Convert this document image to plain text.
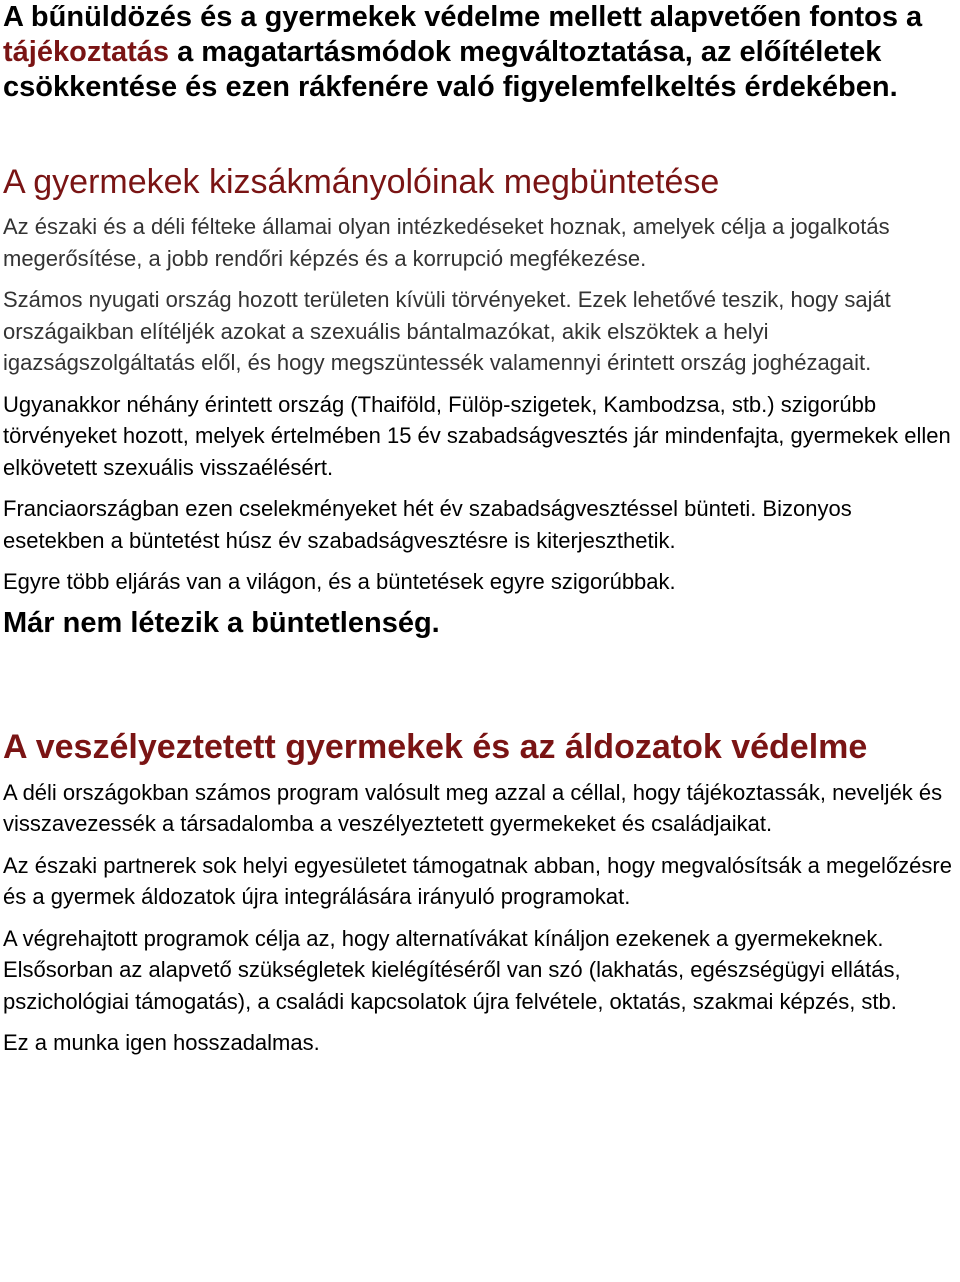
A bűnüldözés és a gyermekek védelme mellett alapvetően fontos a tájékoztatás a magatartásmódok megváltoztatása, az előítéletek csökkentése és ezen rákfenére való figyelemfelkeltés érdekében.

A gyermekek kizsákmányolóinak megbüntetése

Az északi és a déli félteke államai olyan intézkedéseket hoznak, amelyek célja a jogalkotás megerősítése, a jobb rendőri képzés és a korrupció megfékezése.

Számos nyugati ország hozott területen kívüli törvényeket. Ezek lehetővé teszik, hogy saját országaikban elítéljék azokat a szexuális bántalmazókat, akik elszöktek a helyi igazságszolgáltatás elől, és hogy megszüntessék valamennyi érintett ország joghézagait.

Ugyanakkor néhány érintett ország (Thaiföld, Fülöp-szigetek, Kambodzsa, stb.) szigorúbb törvényeket hozott, melyek értelmében 15 év szabadságvesztés jár mindenfajta, gyermekek ellen elkövetett szexuális visszaélésért.

Franciaországban ezen cselekményeket hét év szabadságvesztéssel bünteti. Bizonyos esetekben a büntetést húsz év szabadságvesztésre is kiterjeszthetik.

Egyre több eljárás van a világon, és a büntetések egyre szigorúbbak.

Már nem létezik a büntetlenség.

A veszélyeztetett gyermekek és az áldozatok védelme

A déli országokban számos program valósult meg azzal a céllal, hogy tájékoztassák, neveljék és visszavezessék a társadalomba a veszélyeztetett gyermekeket és családjaikat.

Az északi partnerek sok helyi egyesületet támogatnak abban, hogy megvalósítsák a megelőzésre és a gyermek áldozatok újra integrálására irányuló programokat.

A végrehajtott programok célja az, hogy alternatívákat kínáljon ezekenek a gyermekeknek. Elsősorban az alapvető szükségletek kielégítéséről van szó (lakhatás, egészségügyi ellátás, pszichológiai támogatás), a családi kapcsolatok újra felvétele, oktatás, szakmai képzés, stb.

Ez a munka igen hosszadalmas.
